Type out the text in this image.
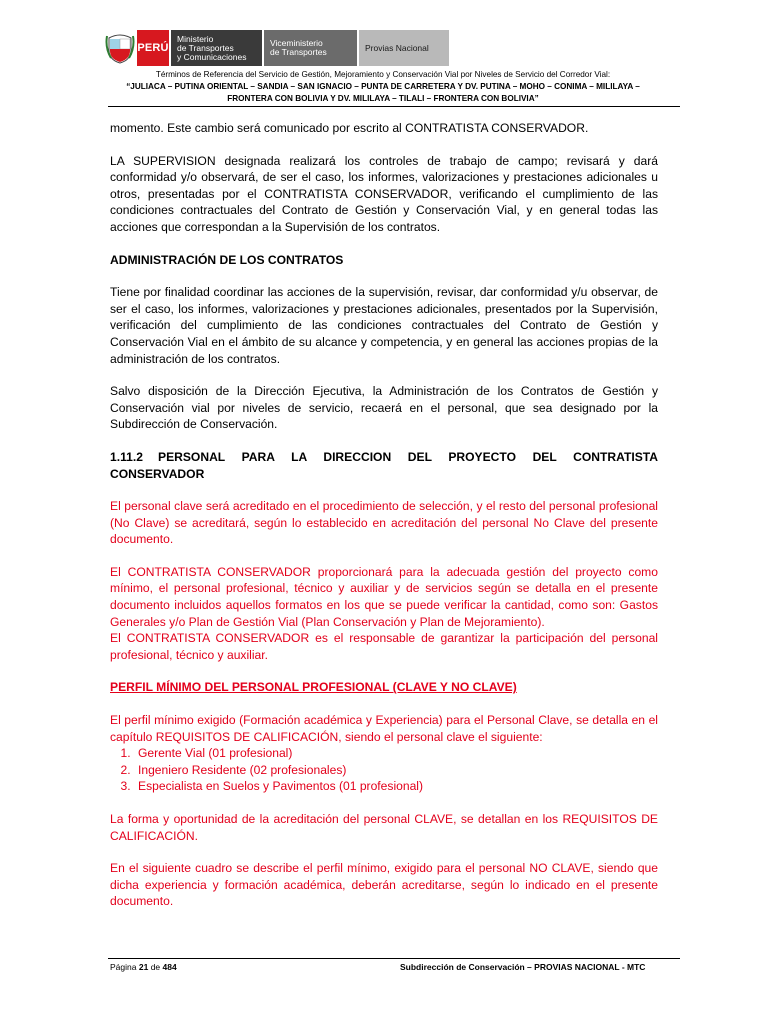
PERÚ
Ministerio
de Transportes
y Comunicaciones
Viceministerio
de Transportes	Provias Nacional
Términos de Referencia del Servicio de Gestión, Mejoramiento y Conservación Vial por Niveles de Servicio del Corredor Vial:
“JULIACA – PUTINA ORIENTAL – SANDIA – SAN IGNACIO – PUNTA DE CARRETERA Y DV. PUTINA – MOHO – CONIMA – MILILAYA –
FRONTERA CON BOLIVIA Y DV. MILILAYA – TILALI – FRONTERA CON BOLIVIA”

momento. Este cambio será comunicado por escrito al CONTRATISTA CONSERVADOR.

LA SUPERVISION designada realizará los controles de trabajo de campo; revisará y dará conformidad y/o observará, de ser el caso, los informes, valorizaciones y prestaciones adicionales u otros, presentadas por el CONTRATISTA CONSERVADOR, verificando el cumplimiento de las condiciones contractuales del Contrato de Gestión y Conservación Vial, y en general todas las acciones que correspondan a la Supervisión de los contratos.

ADMINISTRACIÓN DE LOS CONTRATOS

Tiene por finalidad coordinar las acciones de la supervisión, revisar, dar conformidad y/u observar, de ser el caso, los informes, valorizaciones y prestaciones adicionales, presentados por la Supervisión, verificación del cumplimiento de las condiciones contractuales del Contrato de Gestión y Conservación Vial en el ámbito de su alcance y competencia, y en general las acciones propias de la administración de los contratos.

Salvo disposición de la Dirección Ejecutiva, la Administración de los Contratos de Gestión y Conservación vial por niveles de servicio, recaerá en el personal, que sea designado por la Subdirección de Conservación.

1.11.2 PERSONAL PARA LA DIRECCION DEL PROYECTO DEL CONTRATISTA CONSERVADOR

El personal clave será acreditado en el procedimiento de selección, y el resto del personal profesional (No Clave) se acreditará, según lo establecido en acreditación del personal No Clave del presente documento.

El CONTRATISTA CONSERVADOR proporcionará para la adecuada gestión del proyecto como mínimo, el personal profesional, técnico y auxiliar y de servicios según se detalla en el presente documento incluidos aquellos formatos en los que se puede verificar la cantidad, como son: Gastos Generales y/o Plan de Gestión Vial (Plan Conservación y Plan de Mejoramiento).

El CONTRATISTA CONSERVADOR es el responsable de garantizar la participación del personal profesional, técnico y auxiliar.

PERFIL MÍNIMO DEL PERSONAL PROFESIONAL (CLAVE Y NO CLAVE)

El perfil mínimo exigido (Formación académica y Experiencia) para el Personal Clave, se detalla en el capítulo REQUISITOS DE CALIFICACIÓN, siendo el personal clave el siguiente:

1. Gerente Vial (01 profesional)
2. Ingeniero Residente (02 profesionales)
3. Especialista en Suelos y Pavimentos (01 profesional)

La forma y oportunidad de la acreditación del personal CLAVE, se detallan en los REQUISITOS DE CALIFICACIÓN.

En el siguiente cuadro se describe el perfil mínimo, exigido para el personal NO CLAVE, siendo que dicha experiencia y formación académica, deberán acreditarse, según lo indicado en el presente documento.

Página 21 de 484	Subdirección de Conservación – PROVIAS NACIONAL - MTC
